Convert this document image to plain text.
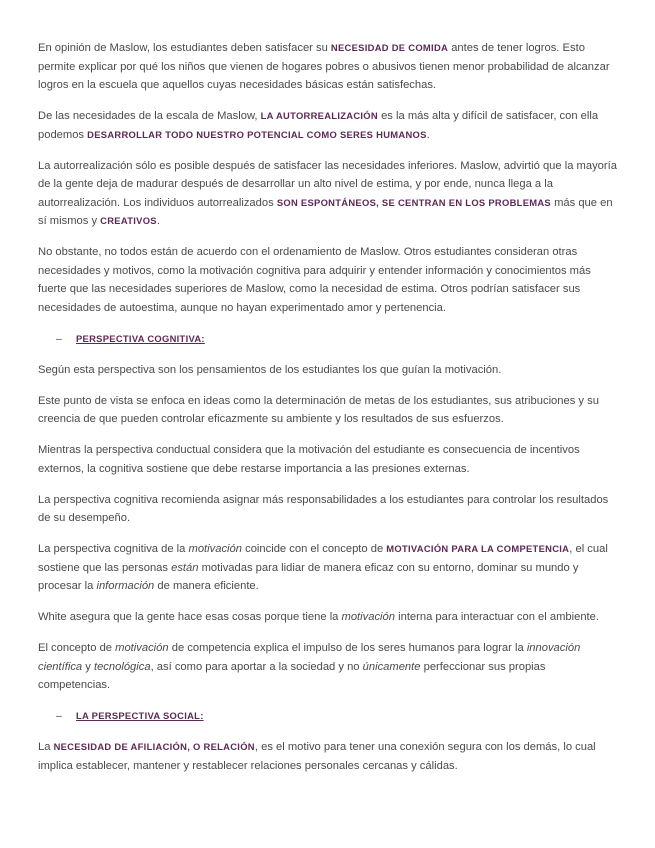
En opinión de Maslow, los estudiantes deben satisfacer su NECESIDAD DE COMIDA antes de tener logros. Esto permite explicar por qué los niños que vienen de hogares pobres o abusivos tienen menor probabilidad de alcanzar logros en la escuela que aquellos cuyas necesidades básicas están satisfechas.

De las necesidades de la escala de Maslow, LA AUTORREALIZACIÓN es la más alta y difícil de satisfacer, con ella podemos DESARROLLAR TODO NUESTRO POTENCIAL COMO SERES HUMANOS.

La autorrealización sólo es posible después de satisfacer las necesidades inferiores. Maslow, advirtió que la mayoría de la gente deja de madurar después de desarrollar un alto nivel de estima, y por ende, nunca llega a la autorrealización. Los individuos autorrealizados SON ESPONTÁNEOS, SE CENTRAN EN LOS PROBLEMAS más que en sí mismos y CREATIVOS.

No obstante, no todos están de acuerdo con el ordenamiento de Maslow. Otros estudiantes consideran otras necesidades y motivos, como la motivación cognitiva para adquirir y entender información y conocimientos más fuerte que las necesidades superiores de Maslow, como la necesidad de estima. Otros podrían satisfacer sus necesidades de autoestima, aunque no hayan experimentado amor y pertenencia.

– PERSPECTIVA COGNITIVA:

Según esta perspectiva son los pensamientos de los estudiantes los que guían la motivación.

Este punto de vista se enfoca en ideas como la determinación de metas de los estudiantes, sus atribuciones y su creencia de que pueden controlar eficazmente su ambiente y los resultados de sus esfuerzos.

Mientras la perspectiva conductual considera que la motivación del estudiante es consecuencia de incentivos externos, la cognitiva sostiene que debe restarse importancia a las presiones externas.

La perspectiva cognitiva recomienda asignar más responsabilidades a los estudiantes para controlar los resultados de su desempeño.

La perspectiva cognitiva de la motivación coincide con el concepto de MOTIVACIÓN PARA LA COMPETENCIA, el cual sostiene que las personas están motivadas para lidiar de manera eficaz con su entorno, dominar su mundo y procesar la información de manera eficiente.

White asegura que la gente hace esas cosas porque tiene la motivación interna para interactuar con el ambiente.

El concepto de motivación de competencia explica el impulso de los seres humanos para lograr la innovación científica y tecnológica, así como para aportar a la sociedad y no únicamente perfeccionar sus propias competencias.

– LA PERSPECTIVA SOCIAL:

La NECESIDAD DE AFILIACIÓN, O RELACIÓN, es el motivo para tener una conexión segura con los demás, lo cual implica establecer, mantener y restablecer relaciones personales cercanas y cálidas.
